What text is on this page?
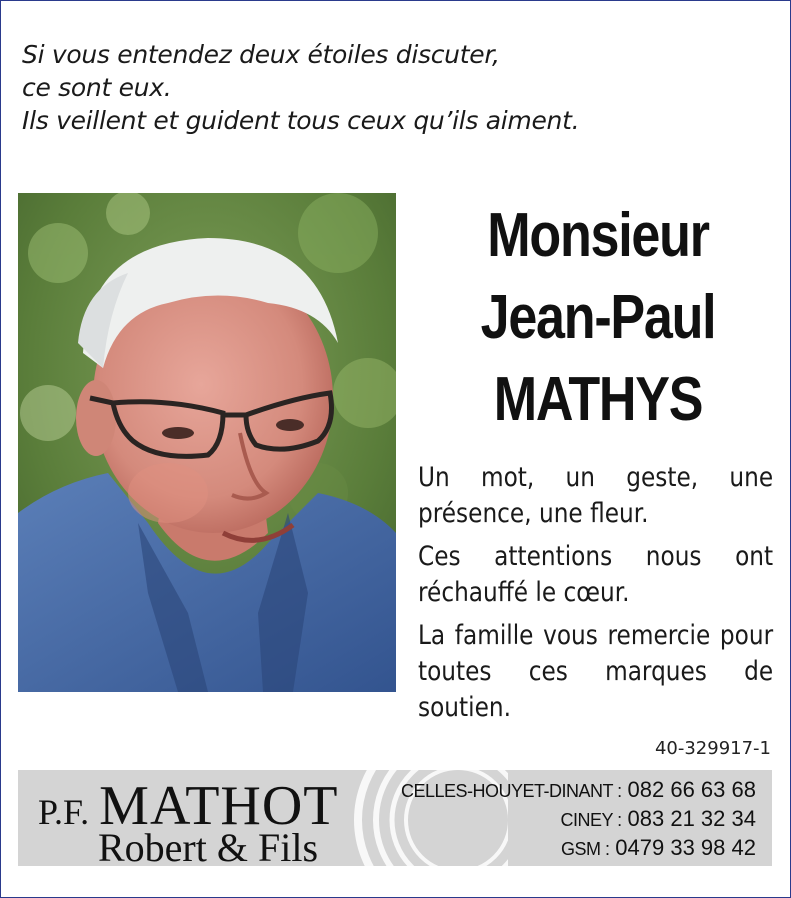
Si vous entendez deux étoiles discuter,
ce sont eux.
Ils veillent et guident tous ceux qu’ils aiment.
Monsieur
Jean-Paul
MATHYS

Un mot, un geste, une présence, une fleur.

Ces attentions nous ont réchauffé le cœur.

La famille vous remercie pour toutes ces marques de soutien.

40-329917-1
P.F. MATHOT
Robert & Fils
CELLES-HOUYET-DINANT : 082 66 63 68
CINEY : 083 21 32 34
GSM : 0479 33 98 42
